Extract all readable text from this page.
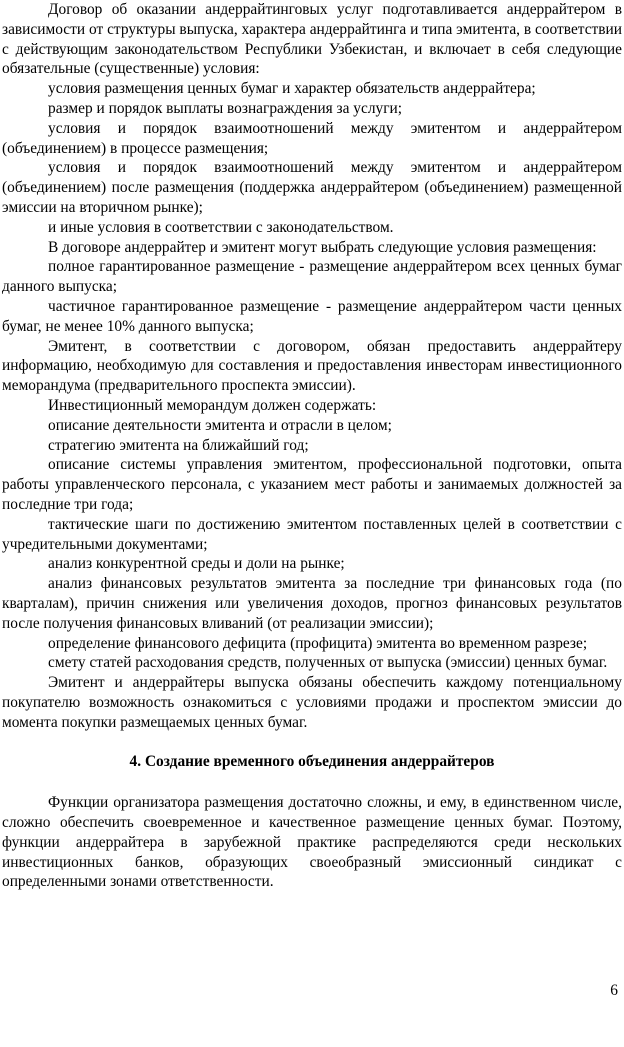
Договор об оказании андеррайтинговых услуг подготавливается андеррайтером в зависимости от структуры выпуска, характера андеррайтинга и типа эмитента, в соответствии с действующим законодательством Республики Узбекистан, и включает в себя следующие обязательные (существенные) условия:

условия размещения ценных бумаг и характер обязательств андеррайтера;

размер и порядок выплаты вознаграждения за услуги;

условия и порядок взаимоотношений между эмитентом и андеррайтером (объединением) в процессе размещения;

условия и порядок взаимоотношений между эмитентом и андеррайтером (объединением) после размещения (поддержка андеррайтером (объединением) размещенной эмиссии на вторичном рынке);

и иные условия в соответствии с законодательством.

В договоре андеррайтер и эмитент могут выбрать следующие условия размещения:

полное гарантированное размещение - размещение андеррайтером всех ценных бумаг данного выпуска;

частичное гарантированное размещение - размещение андеррайтером части ценных бумаг, не менее 10% данного выпуска;

Эмитент, в соответствии с договором, обязан предоставить андеррайтеру информацию, необходимую для составления и предоставления инвесторам инвестиционного меморандума (предварительного проспекта эмиссии).

Инвестиционный меморандум должен содержать:

описание деятельности эмитента и отрасли в целом;

стратегию эмитента на ближайший год;

описание системы управления эмитентом, профессиональной подготовки, опыта работы управленческого персонала, с указанием мест работы и занимаемых должностей за последние три года;

тактические шаги по достижению эмитентом поставленных целей в соответствии с учредительными документами;

анализ конкурентной среды и доли на рынке;

анализ финансовых результатов эмитента за последние три финансовых года (по кварталам), причин снижения или увеличения доходов, прогноз финансовых результатов после получения финансовых вливаний (от реализации эмиссии);

определение финансового дефицита (профицита) эмитента во временном разрезе;

смету статей расходования средств, полученных от выпуска (эмиссии) ценных бумаг.

Эмитент и андеррайтеры выпуска обязаны обеспечить каждому потенциальному покупателю возможность ознакомиться с условиями продажи и проспектом эмиссии до момента покупки размещаемых ценных бумаг.

4. Создание временного объединения андеррайтеров

Функции организатора размещения достаточно сложны, и ему, в единственном числе, сложно обеспечить своевременное и качественное размещение ценных бумаг. Поэтому, функции андеррайтера в зарубежной практике распределяются среди нескольких инвестиционных банков, образующих своеобразный эмиссионный синдикат с определенными зонами ответственности.

6
